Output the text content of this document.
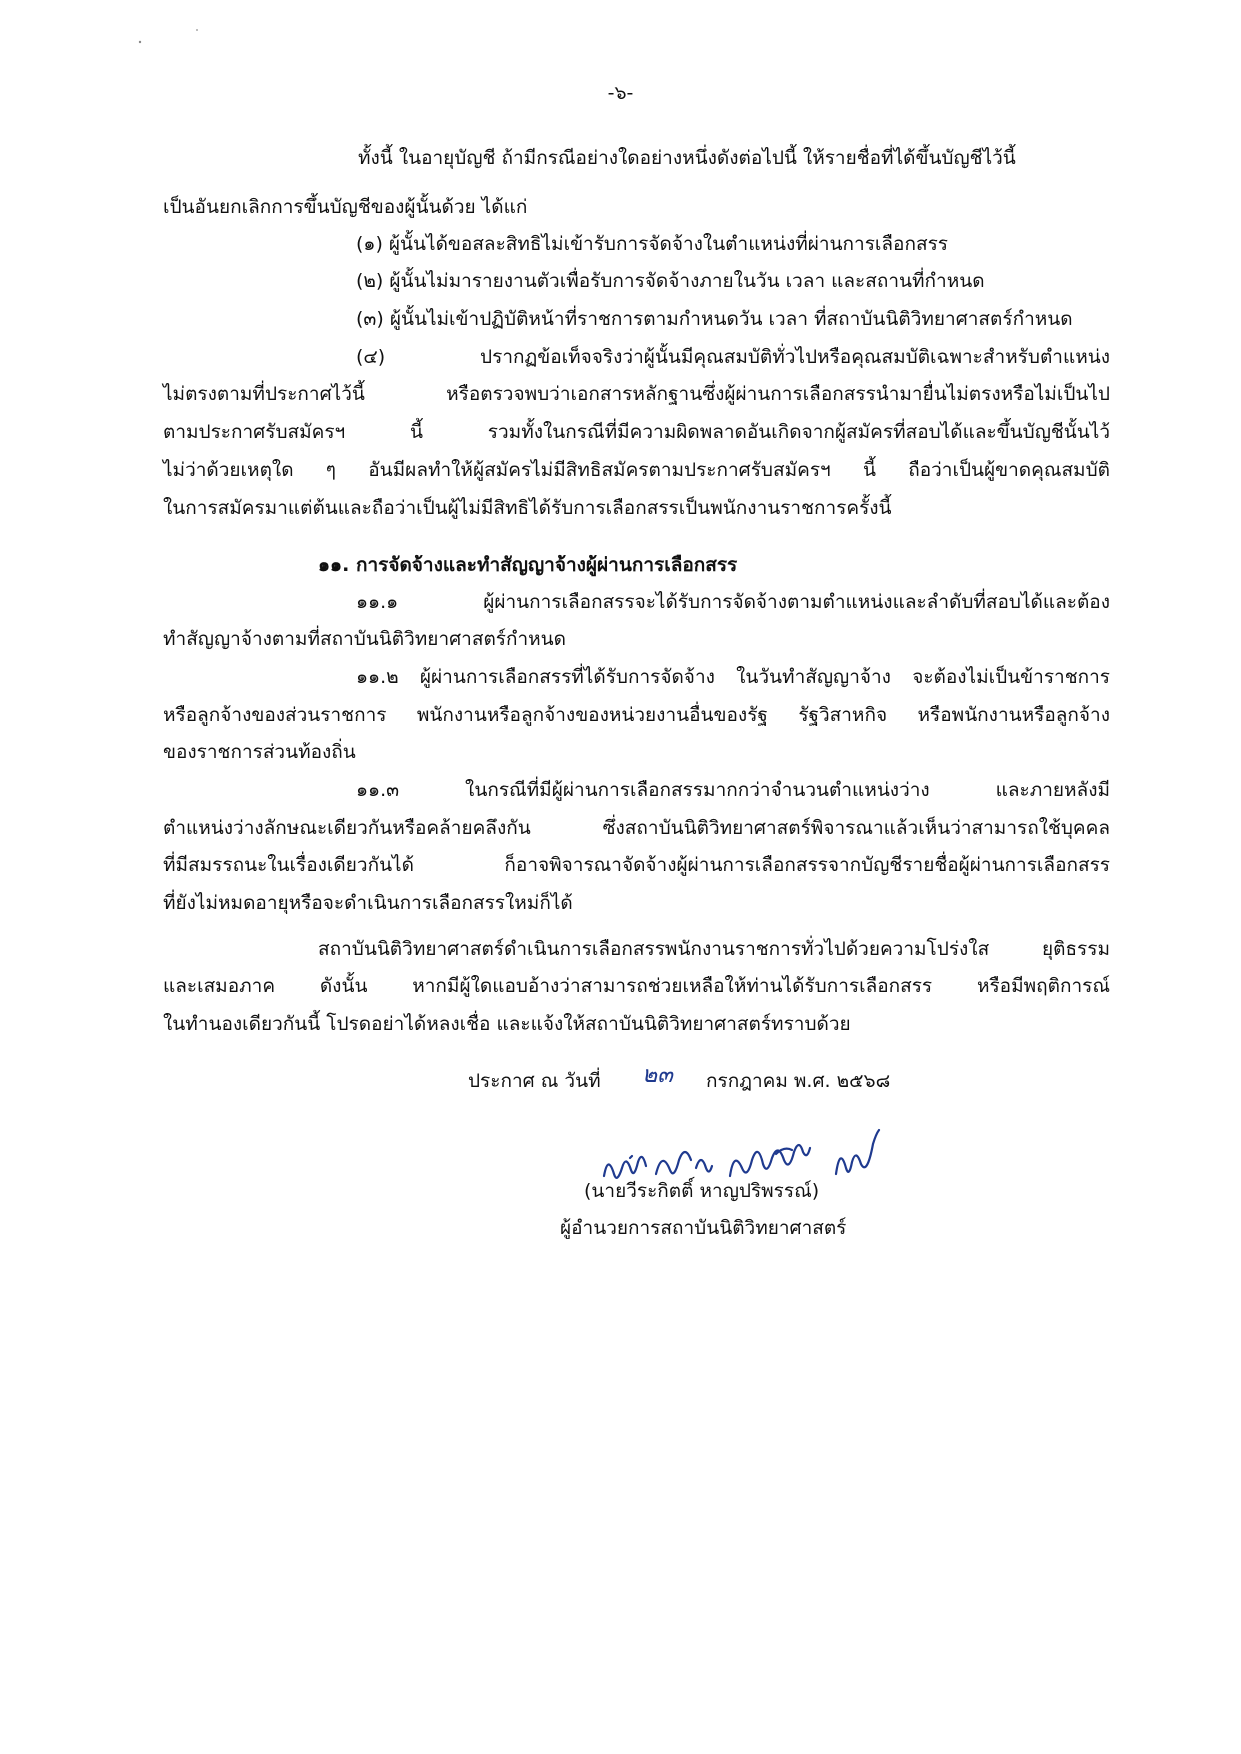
-๖-
ทั้งนี้ ในอายุบัญชี ถ้ามีกรณีอย่างใดอย่างหนึ่งดังต่อไปนี้ ให้รายชื่อที่ได้ขึ้นบัญชีไว้นี้
เป็นอันยกเลิกการขึ้นบัญชีของผู้นั้นด้วย ได้แก่
(๑) ผู้นั้นได้ขอสละสิทธิไม่เข้ารับการจัดจ้างในตำแหน่งที่ผ่านการเลือกสรร
(๒) ผู้นั้นไม่มารายงานตัวเพื่อรับการจัดจ้างภายในวัน เวลา และสถานที่กำหนด
(๓) ผู้นั้นไม่เข้าปฏิบัติหน้าที่ราชการตามกำหนดวัน เวลา ที่สถาบันนิติวิทยาศาสตร์กำหนด
(๔) ปรากฏข้อเท็จจริงว่าผู้นั้นมีคุณสมบัติทั่วไปหรือคุณสมบัติเฉพาะสำหรับตำแหน่ง
ไม่ตรงตามที่ประกาศไว้นี้ หรือตรวจพบว่าเอกสารหลักฐานซึ่งผู้ผ่านการเลือกสรรนำมายื่นไม่ตรงหรือไม่เป็นไป
ตามประกาศรับสมัครฯ นี้ รวมทั้งในกรณีที่มีความผิดพลาดอันเกิดจากผู้สมัครที่สอบได้และขึ้นบัญชีนั้นไว้
ไม่ว่าด้วยเหตุใด ๆ อันมีผลทำให้ผู้สมัครไม่มีสิทธิสมัครตามประกาศรับสมัครฯ นี้ ถือว่าเป็นผู้ขาดคุณสมบัติ
ในการสมัครมาแต่ต้นและถือว่าเป็นผู้ไม่มีสิทธิได้รับการเลือกสรรเป็นพนักงานราชการครั้งนี้
๑๑. การจัดจ้างและทำสัญญาจ้างผู้ผ่านการเลือกสรร
๑๑.๑ ผู้ผ่านการเลือกสรรจะได้รับการจัดจ้างตามตำแหน่งและลำดับที่สอบได้และต้อง
ทำสัญญาจ้างตามที่สถาบันนิติวิทยาศาสตร์กำหนด
๑๑.๒ ผู้ผ่านการเลือกสรรที่ได้รับการจัดจ้าง ในวันทำสัญญาจ้าง จะต้องไม่เป็นข้าราชการ
หรือลูกจ้างของส่วนราชการ พนักงานหรือลูกจ้างของหน่วยงานอื่นของรัฐ รัฐวิสาหกิจ หรือพนักงานหรือลูกจ้าง
ของราชการส่วนท้องถิ่น
๑๑.๓ ในกรณีที่มีผู้ผ่านการเลือกสรรมากกว่าจำนวนตำแหน่งว่าง และภายหลังมี
ตำแหน่งว่างลักษณะเดียวกันหรือคล้ายคลึงกัน ซึ่งสถาบันนิติวิทยาศาสตร์พิจารณาแล้วเห็นว่าสามารถใช้บุคคล
ที่มีสมรรถนะในเรื่องเดียวกันได้ ก็อาจพิจารณาจัดจ้างผู้ผ่านการเลือกสรรจากบัญชีรายชื่อผู้ผ่านการเลือกสรร
ที่ยังไม่หมดอายุหรือจะดำเนินการเลือกสรรใหม่ก็ได้
สถาบันนิติวิทยาศาสตร์ดำเนินการเลือกสรรพนักงานราชการทั่วไปด้วยความโปร่งใส ยุติธรรม
และเสมอภาค ดังนั้น หากมีผู้ใดแอบอ้างว่าสามารถช่วยเหลือให้ท่านได้รับการเลือกสรร หรือมีพฤติการณ์
ในทำนองเดียวกันนี้ โปรดอย่าได้หลงเชื่อ และแจ้งให้สถาบันนิติวิทยาศาสตร์ทราบด้วย
ประกาศ ณ วันที่ ๒๓ กรกฎาคม พ.ศ. ๒๕๖๘
(นายวีระกิตติ์ หาญปริพรรณ์)
ผู้อำนวยการสถาบันนิติวิทยาศาสตร์
